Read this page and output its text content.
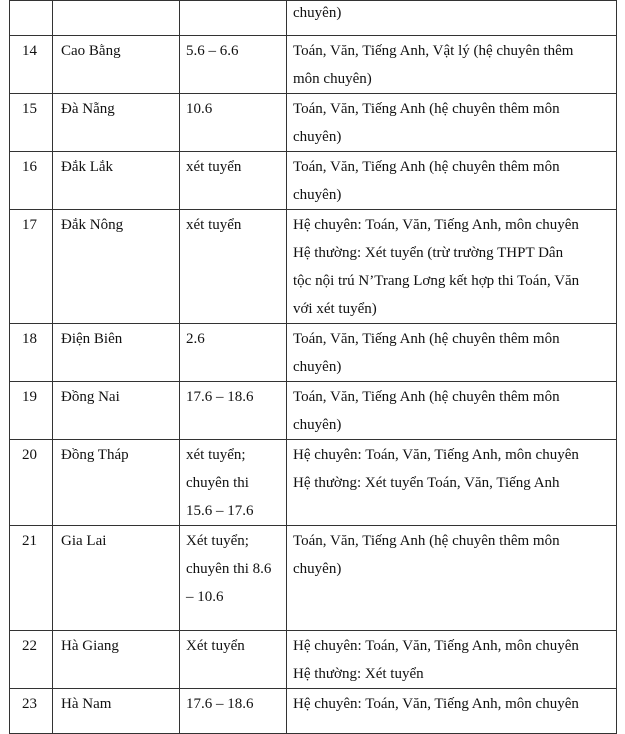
			chuyên)

14	Cao Bằng	5.6 – 6.6	Toán, Văn, Tiếng Anh, Vật lý (hệ chuyên thêm
môn chuyên)

15	Đà Nẵng	10.6	Toán, Văn, Tiếng Anh (hệ chuyên thêm môn
chuyên)

16	Đắk Lắk	xét tuyển	Toán, Văn, Tiếng Anh (hệ chuyên thêm môn
chuyên)

17	Đắk Nông	xét tuyển	Hệ chuyên: Toán, Văn, Tiếng Anh, môn chuyên
Hệ thường: Xét tuyển (trừ trường THPT Dân
tộc nội trú N’Trang Lơng kết hợp thi Toán, Văn
với xét tuyển)

18	Điện Biên	2.6	Toán, Văn, Tiếng Anh (hệ chuyên thêm môn
chuyên)

19	Đồng Nai	17.6 – 18.6	Toán, Văn, Tiếng Anh (hệ chuyên thêm môn
chuyên)

20	Đồng Tháp	xét tuyển;
chuyên thi
15.6 – 17.6	Hệ chuyên: Toán, Văn, Tiếng Anh, môn chuyên
Hệ thường: Xét tuyển Toán, Văn, Tiếng Anh

21	Gia Lai	Xét tuyển;
chuyên thi 8.6
– 10.6	Toán, Văn, Tiếng Anh (hệ chuyên thêm môn
chuyên)

22	Hà Giang	Xét tuyển	Hệ chuyên: Toán, Văn, Tiếng Anh, môn chuyên
Hệ thường: Xét tuyển

23	Hà Nam	17.6 – 18.6	Hệ chuyên: Toán, Văn, Tiếng Anh, môn chuyên
